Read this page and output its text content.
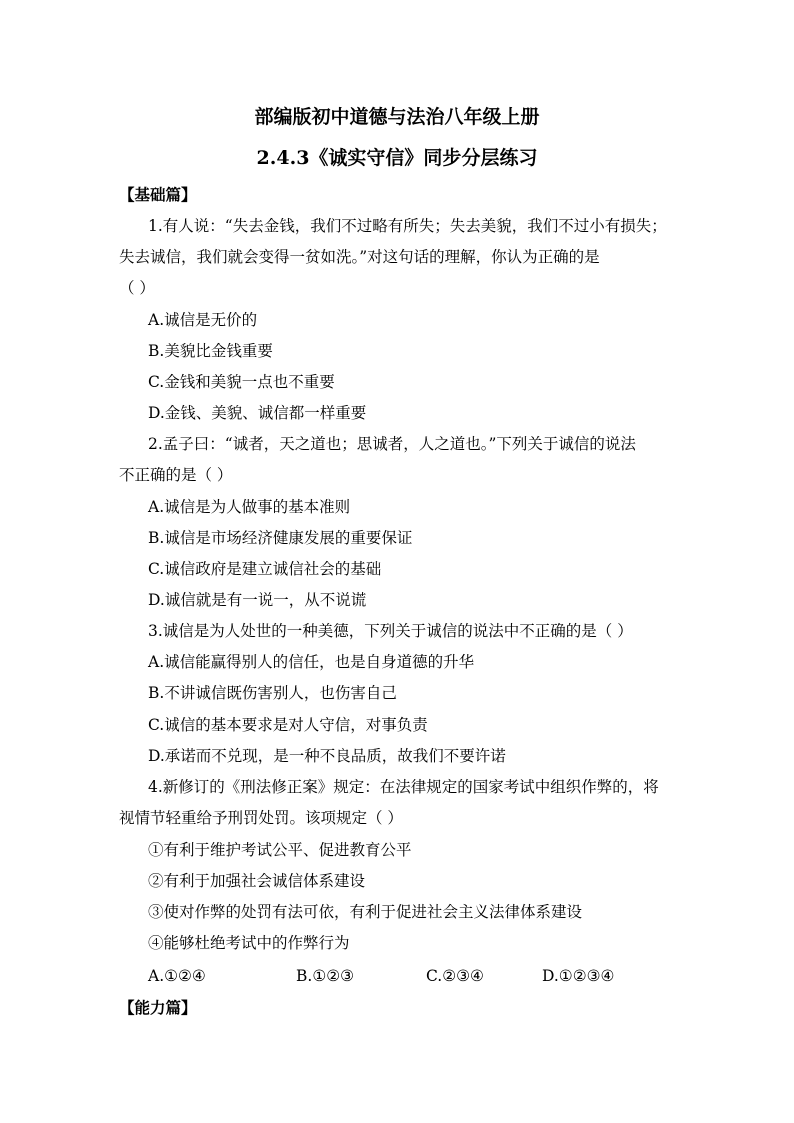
部编版初中道德与法治八年级上册
2.4.3《诚实守信》同步分层练习
【基础篇】
1.有人说：“失去金钱，我们不过略有所失；失去美貌，我们不过小有损失；
失去诚信，我们就会变得一贫如洗。”对这句话的理解，你认为正确的是
（ ）
A.诚信是无价的
B.美貌比金钱重要
C.金钱和美貌一点也不重要
D.金钱、美貌、诚信都一样重要
2.孟子曰：“诚者，天之道也；思诚者，人之道也。”下列关于诚信的说法
不正确的是（ ）
A.诚信是为人做事的基本准则
B.诚信是市场经济健康发展的重要保证
C.诚信政府是建立诚信社会的基础
D.诚信就是有一说一，从不说谎
3.诚信是为人处世的一种美德，下列关于诚信的说法中不正确的是（ ）
A.诚信能赢得别人的信任，也是自身道德的升华
B.不讲诚信既伤害别人，也伤害自己
C.诚信的基本要求是对人守信，对事负责
D.承诺而不兑现，是一种不良品质，故我们不要许诺
4.新修订的《刑法修正案》规定：在法律规定的国家考试中组织作弊的，将
视情节轻重给予刑罚处罚。该项规定（ ）
①有利于维护考试公平、促进教育公平
②有利于加强社会诚信体系建设
③使对作弊的处罚有法可依，有利于促进社会主义法律体系建设
④能够杜绝考试中的作弊行为
A.①②④	B.①②③	C.②③④	D.①②③④
【能力篇】
